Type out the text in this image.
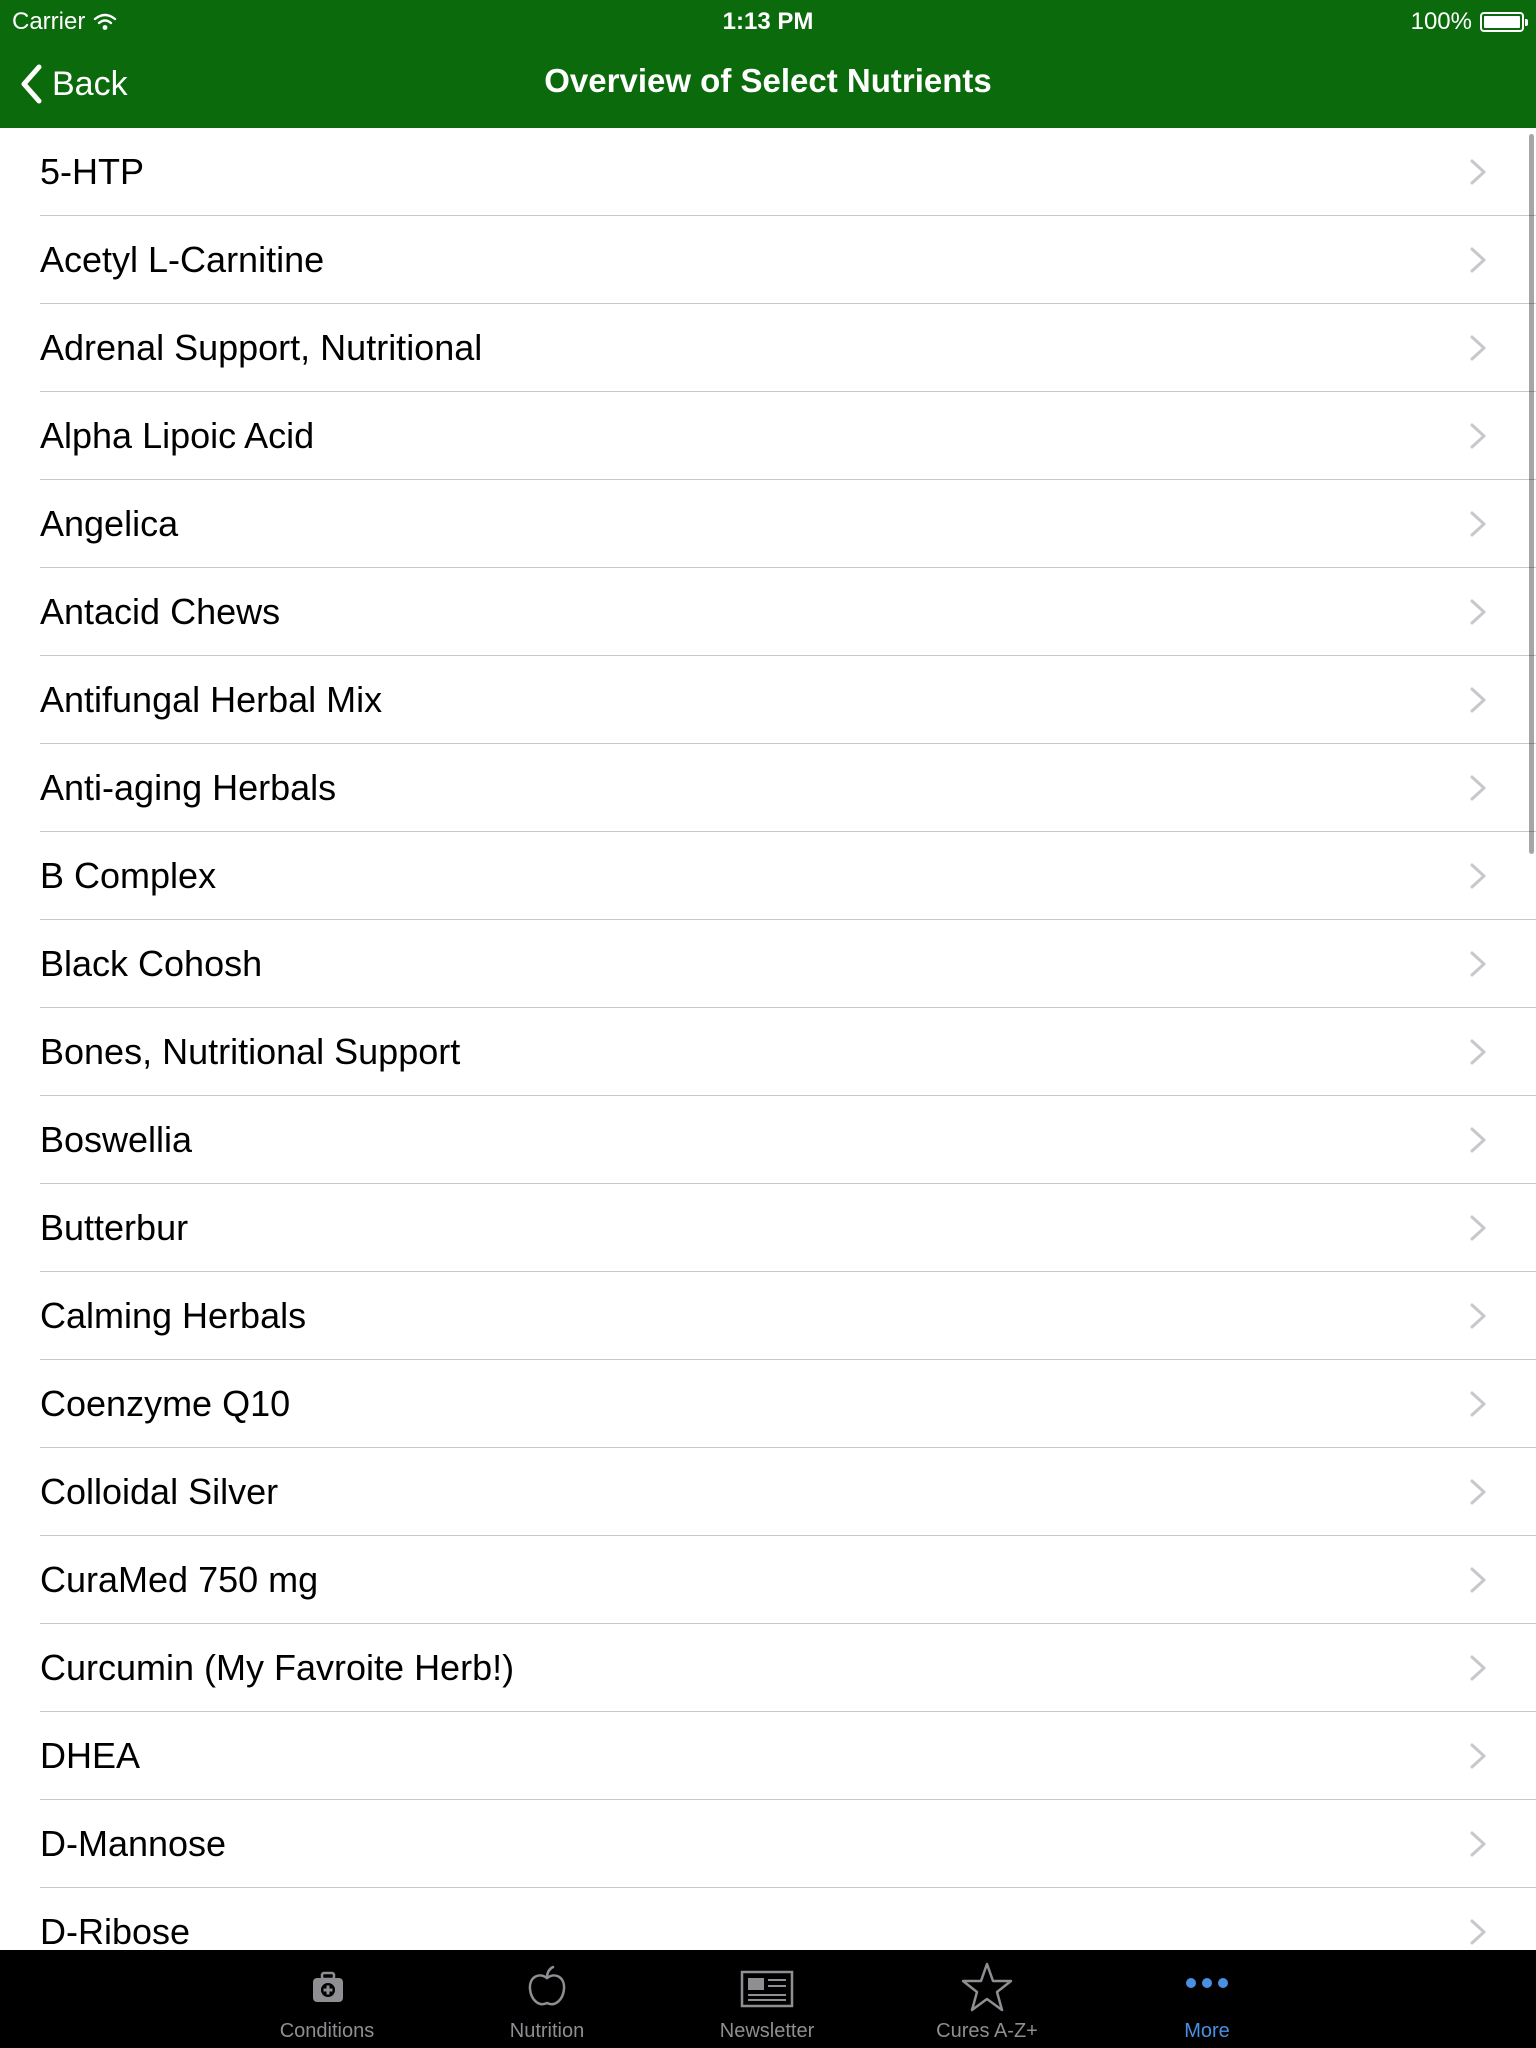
Carrier	1:13 PM	100%
Back	Overview of Select Nutrients
5-HTP
Acetyl L-Carnitine
Adrenal Support, Nutritional
Alpha Lipoic Acid
Angelica
Antacid Chews
Antifungal Herbal Mix
Anti-aging Herbals
B Complex
Black Cohosh
Bones, Nutritional Support
Boswellia
Butterbur
Calming Herbals
Coenzyme Q10
Colloidal Silver
CuraMed 750 mg
Curcumin (My Favroite Herb!)
DHEA
D-Mannose
D-Ribose
Conditions	Nutrition	Newsletter	Cures A-Z+	More
